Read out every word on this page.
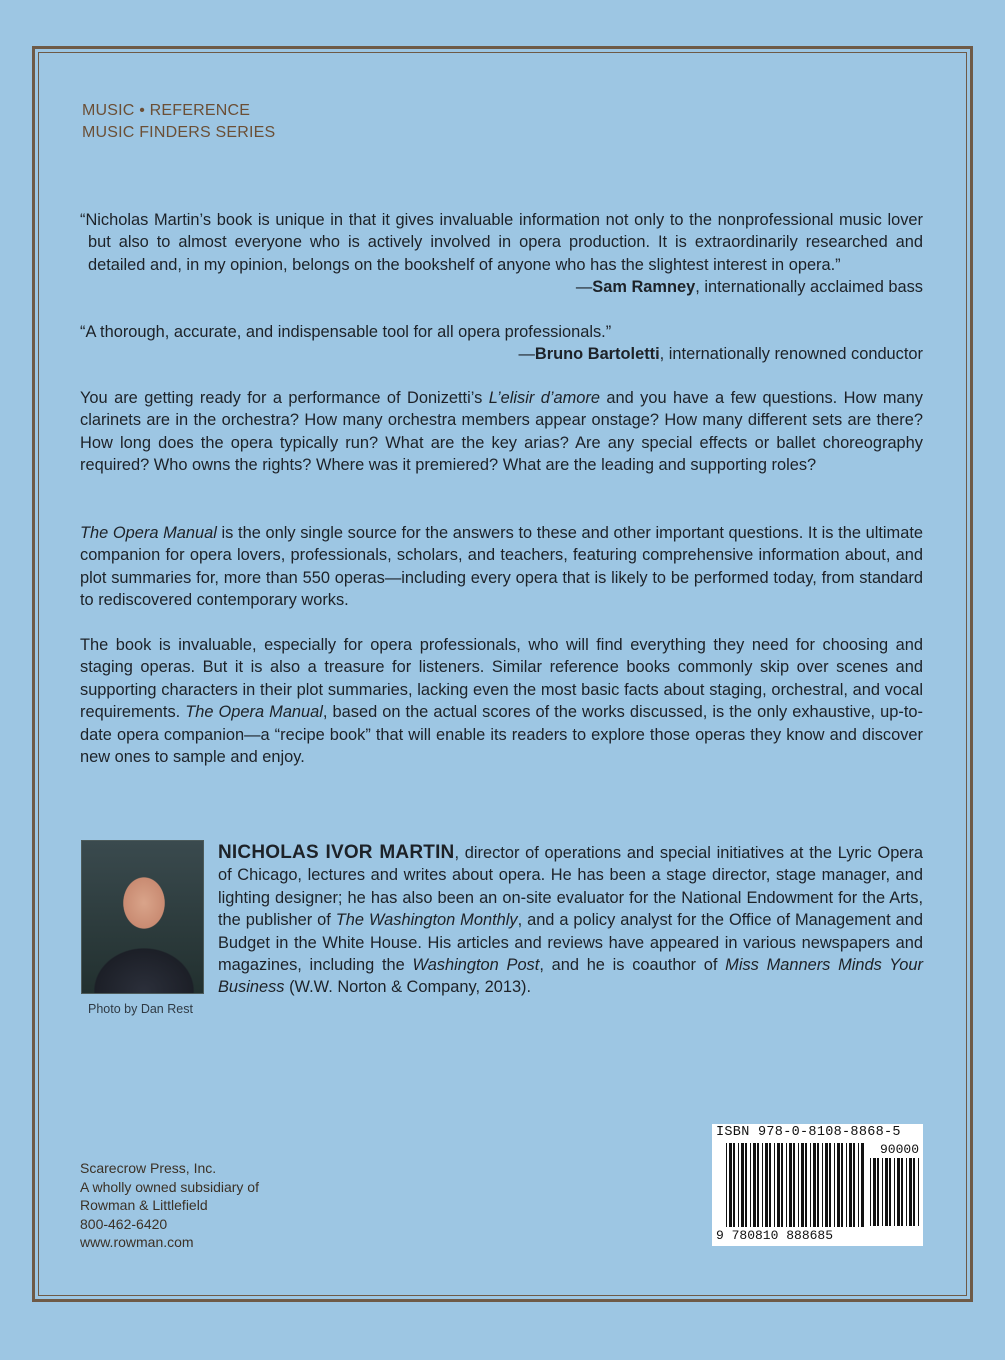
MUSIC • REFERENCE
MUSIC FINDERS SERIES

“Nicholas Martin’s book is unique in that it gives invaluable information not only to the nonprofessional music lover but also to almost everyone who is actively involved in opera production. It is extraordinarily researched and detailed and, in my opinion, belongs on the bookshelf of anyone who has the slightest interest in opera.”
—Sam Ramney, internationally acclaimed bass

“A thorough, accurate, and indispensable tool for all opera professionals.”

—Bruno Bartoletti, internationally renowned conductor

You are getting ready for a performance of Donizetti’s L’elisir d’amore and you have a few questions. How many clarinets are in the orchestra? How many orchestra members appear onstage? How many different sets are there? How long does the opera typically run? What are the key arias? Are any special effects or ballet choreography required? Who owns the rights? Where was it premiered? What are the leading and supporting roles?

The Opera Manual is the only single source for the answers to these and other important questions. It is the ultimate companion for opera lovers, professionals, scholars, and teachers, featuring comprehensive information about, and plot summaries for, more than 550 operas—including every opera that is likely to be performed today, from standard to rediscovered contemporary works.

The book is invaluable, especially for opera professionals, who will find everything they need for choosing and staging operas. But it is also a treasure for listeners. Similar reference books commonly skip over scenes and supporting characters in their plot summaries, lacking even the most basic facts about staging, orchestral, and vocal requirements. The Opera Manual, based on the actual scores of the works discussed, is the only exhaustive, up-to-date opera companion—a “recipe book” that will enable its readers to explore those operas they know and discover new ones to sample and enjoy.

Photo by Dan Rest
NICHOLAS IVOR MARTIN, director of operations and special initiatives at the Lyric Opera of Chicago, lectures and writes about opera. He has been a stage director, stage manager, and lighting designer; he has also been an on-site evaluator for the National Endowment for the Arts, the publisher of The Washington Monthly, and a policy analyst for the Office of Management and Budget in the White House. His articles and reviews have appeared in various newspapers and magazines, including the Washington Post, and he is coauthor of Miss Manners Minds Your Business (W.W. Norton & Company, 2013).
Scarecrow Press, Inc.
A wholly owned subsidiary of
Rowman & Littlefield
800-462-6420
www.rowman.com
ISBN 978-0-8108-8868-5
90000
9 780810 888685
